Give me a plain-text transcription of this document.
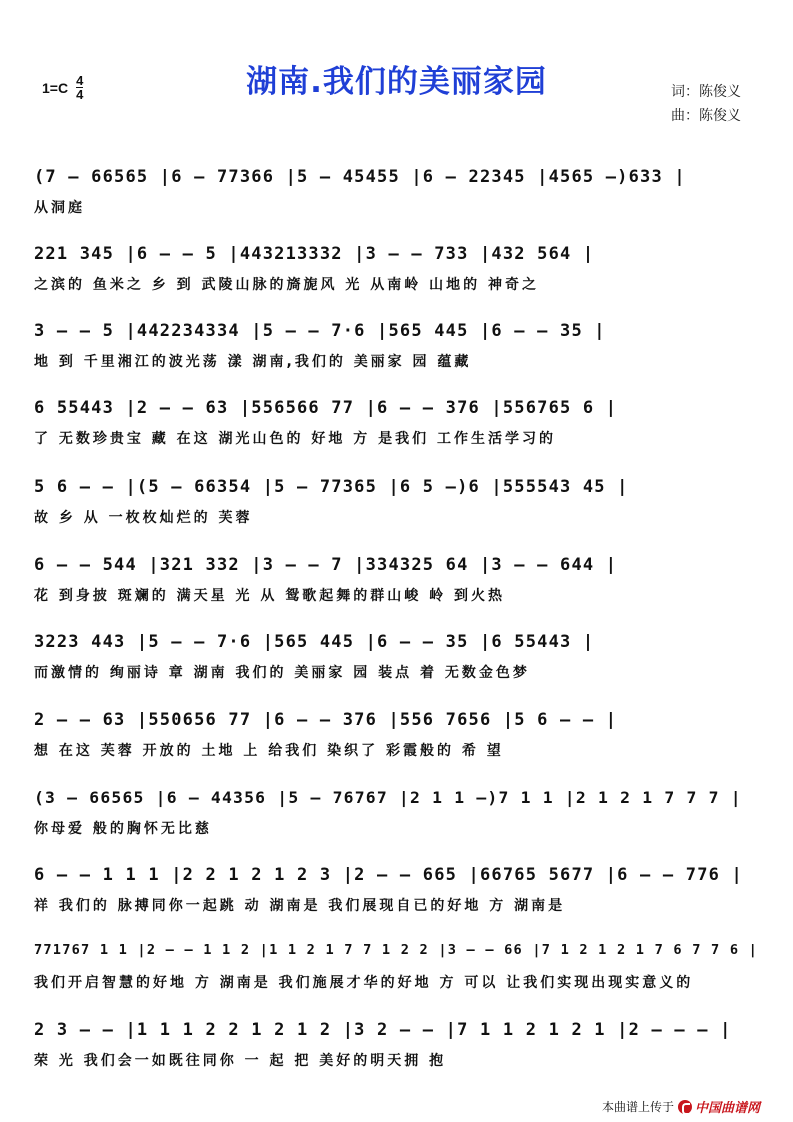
1=C 4
4	湖南.我们的美丽家园	词：陈俊义
曲：陈俊义
(7 – 66565 |6 – 77366 |5 – 45455 |6 – 22345 |4565 –)633 |
从洞庭
221 345 |6 – – 5 |443213332 |3 – – 733 |432 564 |
之滨的 鱼米之 乡 到 武陵山脉的旖旎风 光 从南岭 山地的 神奇之
3 – – 5 |442234334 |5 – – 7·6 |565 445 |6 – – 35 |
地 到 千里湘江的波光荡 漾 湖南,我们的 美丽家 园 蕴藏
6 55443 |2 – – 63 |556566 77 |6 – – 376 |556765 6 |
了 无数珍贵宝 藏 在这 湖光山色的 好地 方 是我们 工作生活学习的
5 6 – – |(5 – 66354 |5 – 77365 |6 5 –)6 |555543 45 |
故 乡 从 一枚枚灿烂的 芙蓉
6 – – 544 |321 332 |3 – – 7 |334325 64 |3 – – 644 |
花 到身披 斑斓的 满天星 光 从 鸳歌起舞的群山峻 岭 到火热
3223 443 |5 – – 7·6 |565 445 |6 – – 35 |6 55443 |
而激情的 绚丽诗 章 湖南 我们的 美丽家 园 装点 着 无数金色梦
2 – – 63 |550656 77 |6 – – 376 |556 7656 |5 6 – – |
想 在这 芙蓉 开放的 土地 上 给我们 染织了 彩霞般的 希 望
(3 – 66565 |6 – 44356 |5 – 76767 |2 1 1 –)7 1 1 |2 1 2 1 7 7 7 |
你母爱 般的胸怀无比慈
6 – – 1 1 1 |2 2 1 2 1 2 3 |2 – – 665 |66765 5677 |6 – – 776 |
祥 我们的 脉搏同你一起跳 动 湖南是 我们展现自已的好地 方 湖南是
771767 1 1 |2 – – 1 1 2 |1 1 2 1 7 7 1 2 2 |3 – – 66 |7 1 2 1 2 1 7 6 7 7 6 |
我们开启智慧的好地 方 湖南是 我们施展才华的好地 方 可以 让我们实现出现实意义的
2 3 – – |1 1 1 2 2 1 2 1 2 |3 2 – – |7 1 1 2 1 2 1 |2 – – – |
荣 光 我们会一如既往同你 一 起 把 美好的明天拥 抱
本曲谱上传于 中国曲谱网
